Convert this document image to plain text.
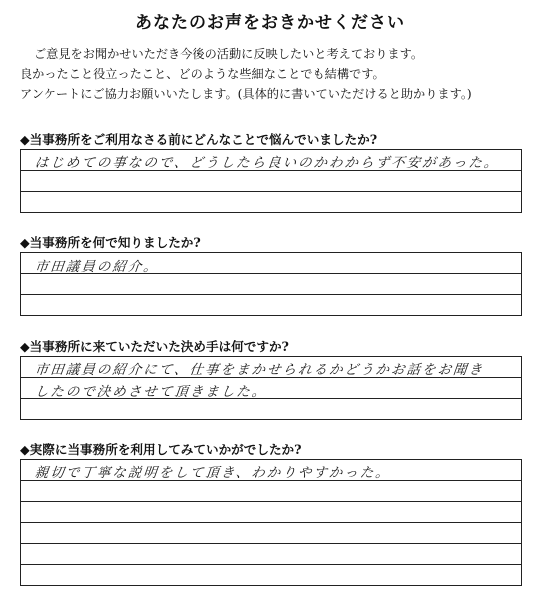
あなたのお声をおきかせください
ご意見をお聞かせいただき今後の活動に反映したいと考えております。
良かったこと役立ったこと、どのような些細なことでも結構です。
アンケートにご協力お願いいたします。(具体的に書いていただけると助かります。)
◆当事務所をご利用なさる前にどんなことで悩んでいましたか?
はじめての事なので、どうしたら良いのかわからず不安があった。
◆当事務所を何で知りましたか?
市田議員の紹介。
◆当事務所に来ていただいた決め手は何ですか?
市田議員の紹介にて、仕事をまかせられるかどうかお話をお聞き
したので決めさせて頂きました。
◆実際に当事務所を利用してみていかがでしたか?
親切で丁寧な説明をして頂き、わかりやすかった。
